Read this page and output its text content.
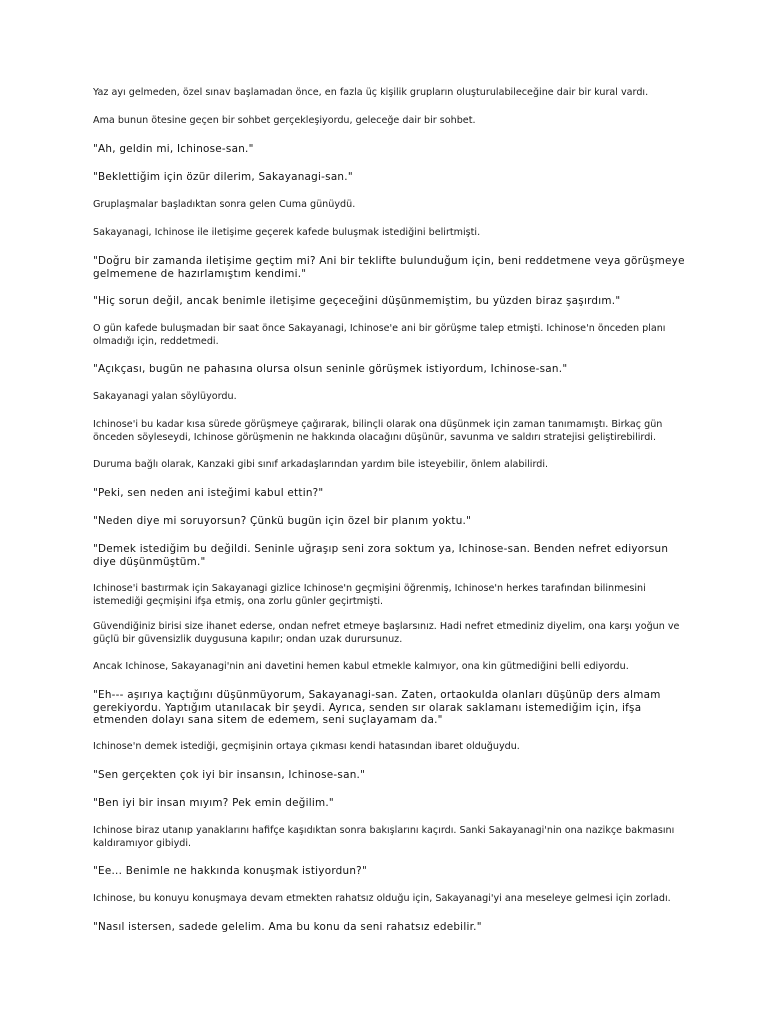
Yaz ayı gelmeden, özel sınav başlamadan önce, en fazla üç kişilik grupların oluşturulabileceğine dair bir kural vardı.

Ama bunun ötesine geçen bir sohbet gerçekleşiyordu, geleceğe dair bir sohbet.

"Ah, geldin mi, Ichinose-san."

"Beklettiğim için özür dilerim, Sakayanagi-san."

Gruplaşmalar başladıktan sonra gelen Cuma günüydü.

Sakayanagi, Ichinose ile iletişime geçerek kafede buluşmak istediğini belirtmişti.

"Doğru bir zamanda iletişime geçtim mi? Ani bir teklifte bulunduğum için, beni reddetmene veya görüşmeye gelmemene de hazırlamıştım kendimi."

"Hiç sorun değil, ancak benimle iletişime geçeceğini düşünmemiştim, bu yüzden biraz şaşırdım."

O gün kafede buluşmadan bir saat önce Sakayanagi, Ichinose'e ani bir görüşme talep etmişti. Ichinose'n önceden planı olmadığı için, reddetmedi.

"Açıkçası, bugün ne pahasına olursa olsun seninle görüşmek istiyordum, Ichinose-san."

Sakayanagi yalan söylüyordu.

Ichinose'i bu kadar kısa sürede görüşmeye çağırarak, bilinçli olarak ona düşünmek için zaman tanımamıştı. Birkaç gün önceden söyleseydi, Ichinose görüşmenin ne hakkında olacağını düşünür, savunma ve saldırı stratejisi geliştirebilirdi.

Duruma bağlı olarak, Kanzaki gibi sınıf arkadaşlarından yardım bile isteyebilir, önlem alabilirdi.

"Peki, sen neden ani isteğimi kabul ettin?"

"Neden diye mi soruyorsun? Çünkü bugün için özel bir planım yoktu."

"Demek istediğim bu değildi. Seninle uğraşıp seni zora soktum ya, Ichinose-san. Benden nefret ediyorsun diye düşünmüştüm."

Ichinose'i bastırmak için Sakayanagi gizlice Ichinose'n geçmişini öğrenmiş, Ichinose'n herkes tarafından bilinmesini istemediği geçmişini ifşa etmiş, ona zorlu günler geçirtmişti.

Güvendiğiniz birisi size ihanet ederse, ondan nefret etmeye başlarsınız. Hadi nefret etmediniz diyelim, ona karşı yoğun ve güçlü bir güvensizlik duygusuna kapılır; ondan uzak durursunuz.

Ancak Ichinose, Sakayanagi'nin ani davetini hemen kabul etmekle kalmıyor, ona kin gütmediğini belli ediyordu.

"Eh--- aşırıya kaçtığını düşünmüyorum, Sakayanagi-san. Zaten, ortaokulda olanları düşünüp ders almam gerekiyordu. Yaptığım utanılacak bir şeydi. Ayrıca, senden sır olarak saklamanı istemediğim için, ifşa etmenden dolayı sana sitem de edemem, seni suçlayamam da."

Ichinose'n demek istediği, geçmişinin ortaya çıkması kendi hatasından ibaret olduğuydu.

"Sen gerçekten çok iyi bir insansın, Ichinose-san."

"Ben iyi bir insan mıyım? Pek emin değilim."

Ichinose biraz utanıp yanaklarını hafifçe kaşıdıktan sonra bakışlarını kaçırdı. Sanki Sakayanagi'nin ona nazikçe bakmasını kaldıramıyor gibiydi.

"Ee... Benimle ne hakkında konuşmak istiyordun?"

Ichinose, bu konuyu konuşmaya devam etmekten rahatsız olduğu için, Sakayanagi'yi ana meseleye gelmesi için zorladı.

"Nasıl istersen, sadede gelelim. Ama bu konu da seni rahatsız edebilir."
